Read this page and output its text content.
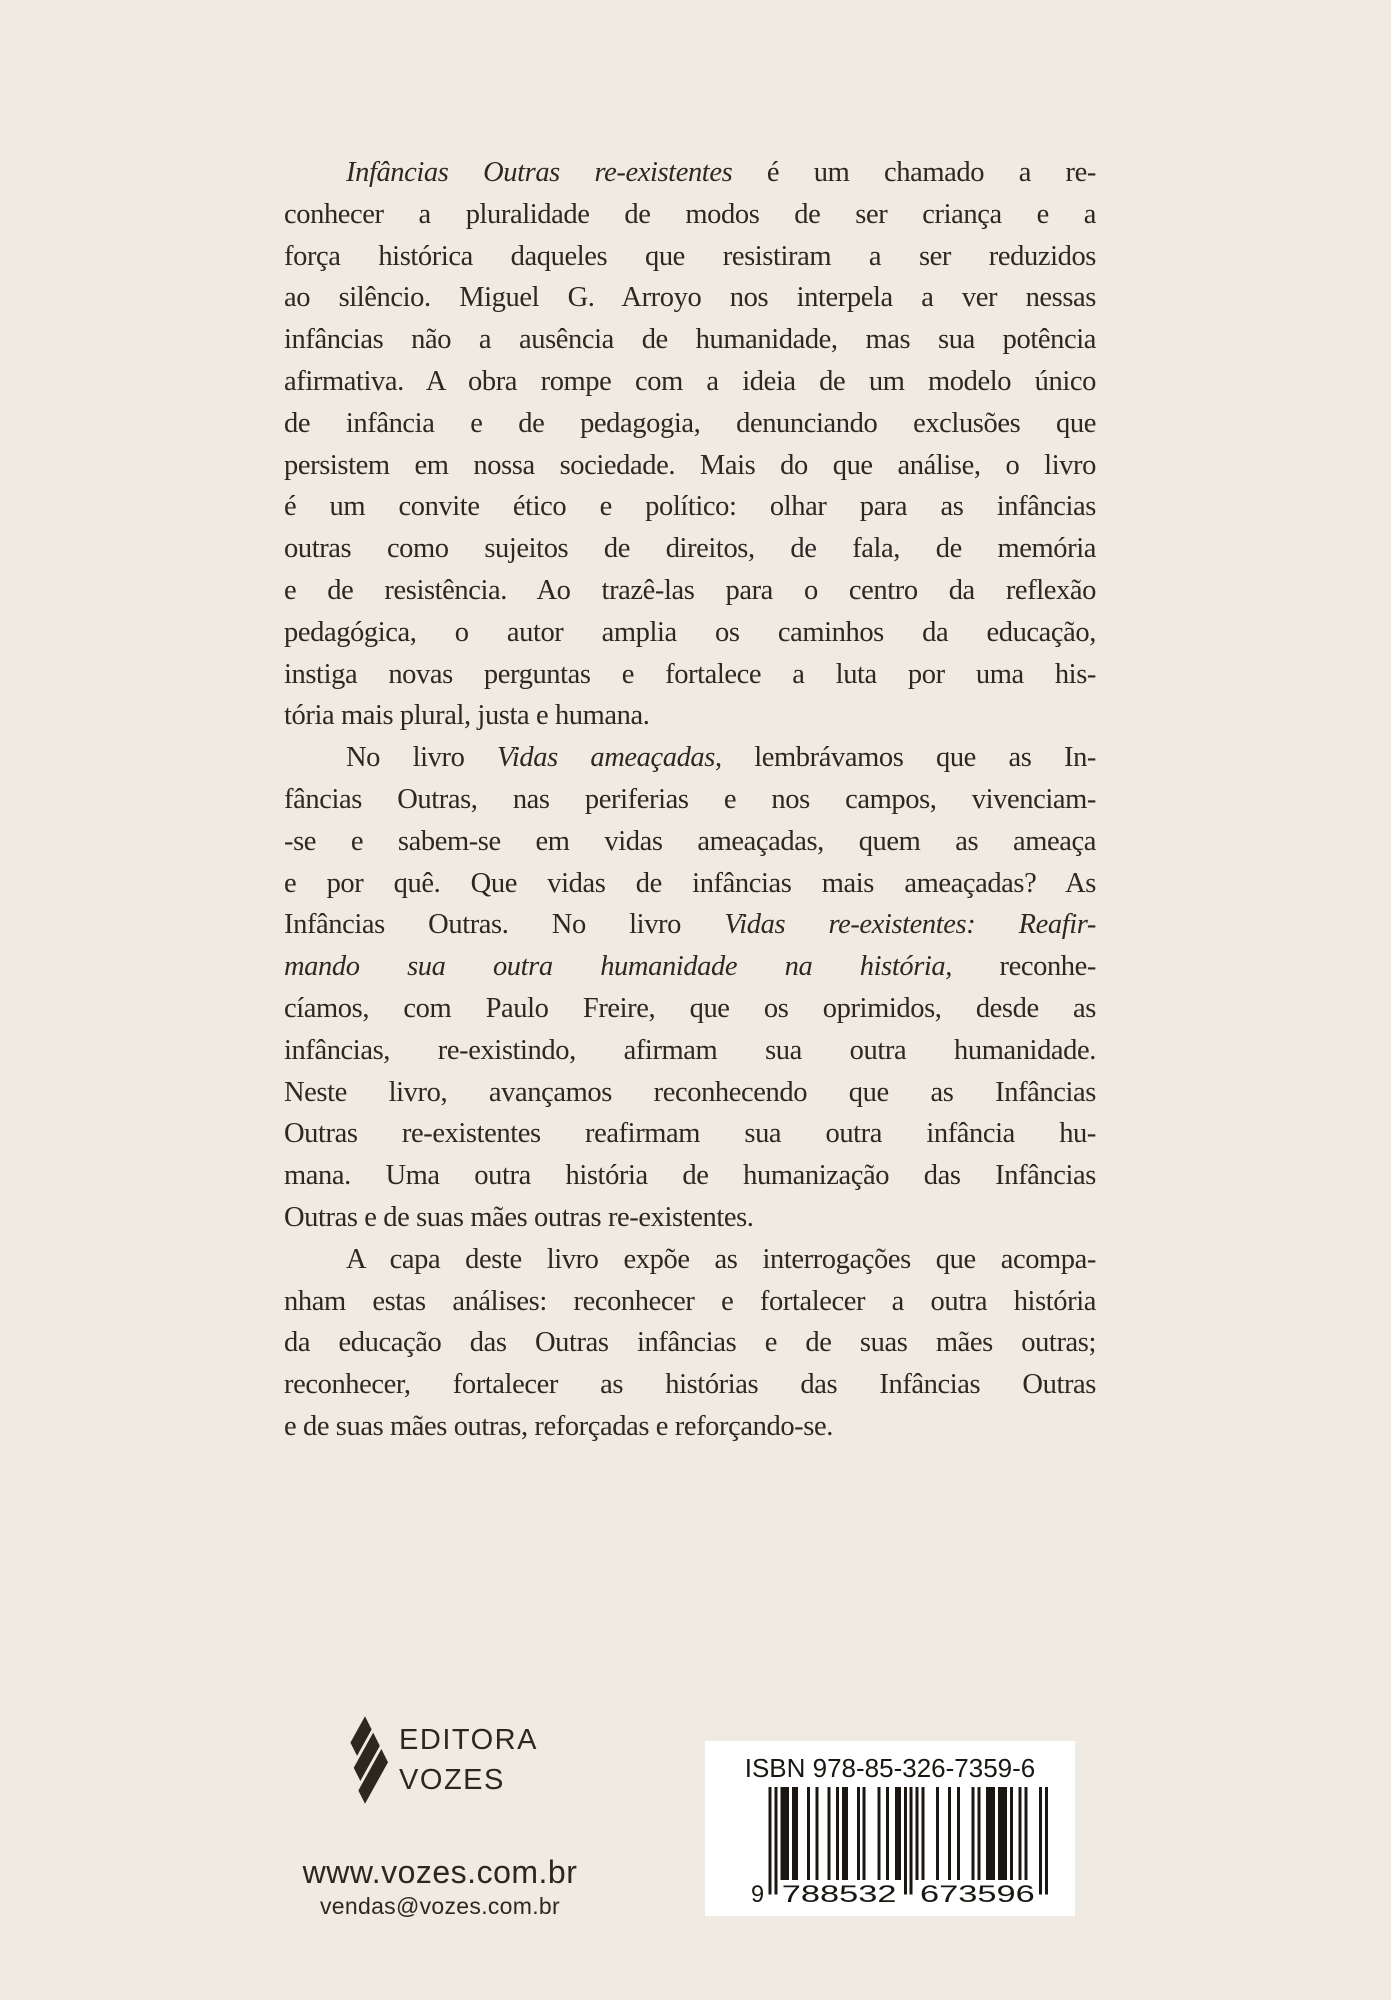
Infâncias Outras re-existentes é um chamado a re-
conhecer a pluralidade de modos de ser criança e a
força histórica daqueles que resistiram a ser reduzidos
ao silêncio. Miguel G. Arroyo nos interpela a ver nessas
infâncias não a ausência de humanidade, mas sua potência
afirmativa. A obra rompe com a ideia de um modelo único
de infância e de pedagogia, denunciando exclusões que
persistem em nossa sociedade. Mais do que análise, o livro
é um convite ético e político: olhar para as infâncias
outras como sujeitos de direitos, de fala, de memória
e de resistência. Ao trazê-las para o centro da reflexão
pedagógica, o autor amplia os caminhos da educação,
instiga novas perguntas e fortalece a luta por uma his-
tória mais plural, justa e humana.
No livro Vidas ameaçadas, lembrávamos que as In-
fâncias Outras, nas periferias e nos campos, vivenciam-
-se e sabem-se em vidas ameaçadas, quem as ameaça
e por quê. Que vidas de infâncias mais ameaçadas? As
Infâncias Outras. No livro Vidas re-existentes: Reafir-
mando sua outra humanidade na história, reconhe-
cíamos, com Paulo Freire, que os oprimidos, desde as
infâncias, re-existindo, afirmam sua outra humanidade.
Neste livro, avançamos reconhecendo que as Infâncias
Outras re-existentes reafirmam sua outra infância hu-
mana. Uma outra história de humanização das Infâncias
Outras e de suas mães outras re-existentes.
A capa deste livro expõe as interrogações que acompa-
nham estas análises: reconhecer e fortalecer a outra história
da educação das Outras infâncias e de suas mães outras;
reconhecer, fortalecer as histórias das Infâncias Outras
e de suas mães outras, reforçadas e reforçando-se.
EDITORA
VOZES
www.vozes.com.br
vendas@vozes.com.br
ISBN 978-85-326-7359-6
9 788532	673596
